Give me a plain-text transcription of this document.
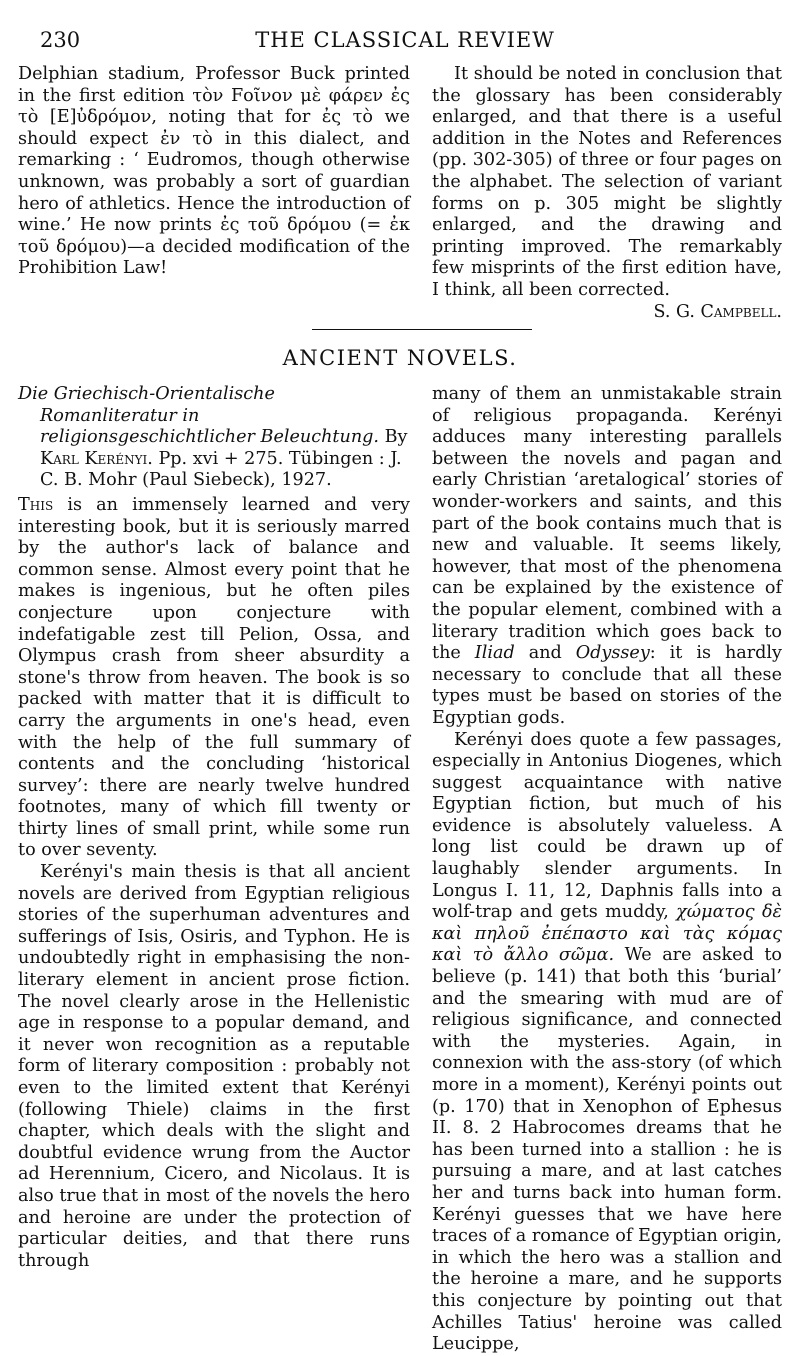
230	THE CLASSICAL REVIEW

Delphian stadium, Professor Buck printed in the first edition τὸν Fοῖνον μὲ φάρεν ἐς τὸ [E]ὐδρόμον, noting that for ἐς τὸ we should expect ἐν τὸ in this dialect, and remarking : ‘ Eudromos, though otherwise unknown, was probably a sort of guardian hero of athletics. Hence the introduction of wine.’ He now prints ἐς τοῦ δρόμου (= ἐκ τοῦ δρόμου)—a decided modification of the Prohibition Law!

It should be noted in conclusion that the glossary has been considerably enlarged, and that there is a useful addition in the Notes and References (pp. 302-305) of three or four pages on the alphabet. The selection of variant forms on p. 305 might be slightly enlarged, and the drawing and printing improved. The remarkably few misprints of the first edition have, I think, all been corrected.

S. G. Campbell.

ANCIENT NOVELS.

Die Griechisch-Orientalische Romanliteratur in religionsgeschichtlicher Beleuchtung. By Karl Kerényi. Pp. xvi + 275. Tübingen : J. C. B. Mohr (Paul Siebeck), 1927.

This is an immensely learned and very interesting book, but it is seriously marred by the author's lack of balance and common sense. Almost every point that he makes is ingenious, but he often piles conjecture upon conjecture with indefatigable zest till Pelion, Ossa, and Olympus crash from sheer absurdity a stone's throw from heaven. The book is so packed with matter that it is difficult to carry the arguments in one's head, even with the help of the full summary of contents and the concluding ‘historical survey’: there are nearly twelve hundred footnotes, many of which fill twenty or thirty lines of small print, while some run to over seventy.

Kerényi's main thesis is that all ancient novels are derived from Egyptian religious stories of the superhuman adventures and sufferings of Isis, Osiris, and Typhon. He is undoubtedly right in emphasising the non-literary element in ancient prose fiction. The novel clearly arose in the Hellenistic age in response to a popular demand, and it never won recognition as a reputable form of literary composition : probably not even to the limited extent that Kerényi (following Thiele) claims in the first chapter, which deals with the slight and doubtful evidence wrung from the Auctor ad Herennium, Cicero, and Nicolaus. It is also true that in most of the novels the hero and heroine are under the protection of particular deities, and that there runs through

many of them an unmistakable strain of religious propaganda. Kerényi adduces many interesting parallels between the novels and pagan and early Christian ‘aretalogical’ stories of wonder-workers and saints, and this part of the book contains much that is new and valuable. It seems likely, however, that most of the phenomena can be explained by the existence of the popular element, combined with a literary tradition which goes back to the Iliad and Odyssey: it is hardly necessary to conclude that all these types must be based on stories of the Egyptian gods.

Kerényi does quote a few passages, especially in Antonius Diogenes, which suggest acquaintance with native Egyptian fiction, but much of his evidence is absolutely valueless. A long list could be drawn up of laughably slender arguments. In Longus I. 11, 12, Daphnis falls into a wolf-trap and gets muddy, χώματος δὲ καὶ πηλοῦ ἐπέπαστο καὶ τὰς κόμας καὶ τὸ ἄλλο σῶμα. We are asked to believe (p. 141) that both this ‘burial’ and the smearing with mud are of religious significance, and connected with the mysteries. Again, in connexion with the ass-story (of which more in a moment), Kerényi points out (p. 170) that in Xenophon of Ephesus II. 8. 2 Habrocomes dreams that he has been turned into a stallion : he is pursuing a mare, and at last catches her and turns back into human form. Kerényi guesses that we have here traces of a romance of Egyptian origin, in which the hero was a stallion and the heroine a mare, and he supports this conjecture by pointing out that Achilles Tatius' heroine was called Leucippe,
